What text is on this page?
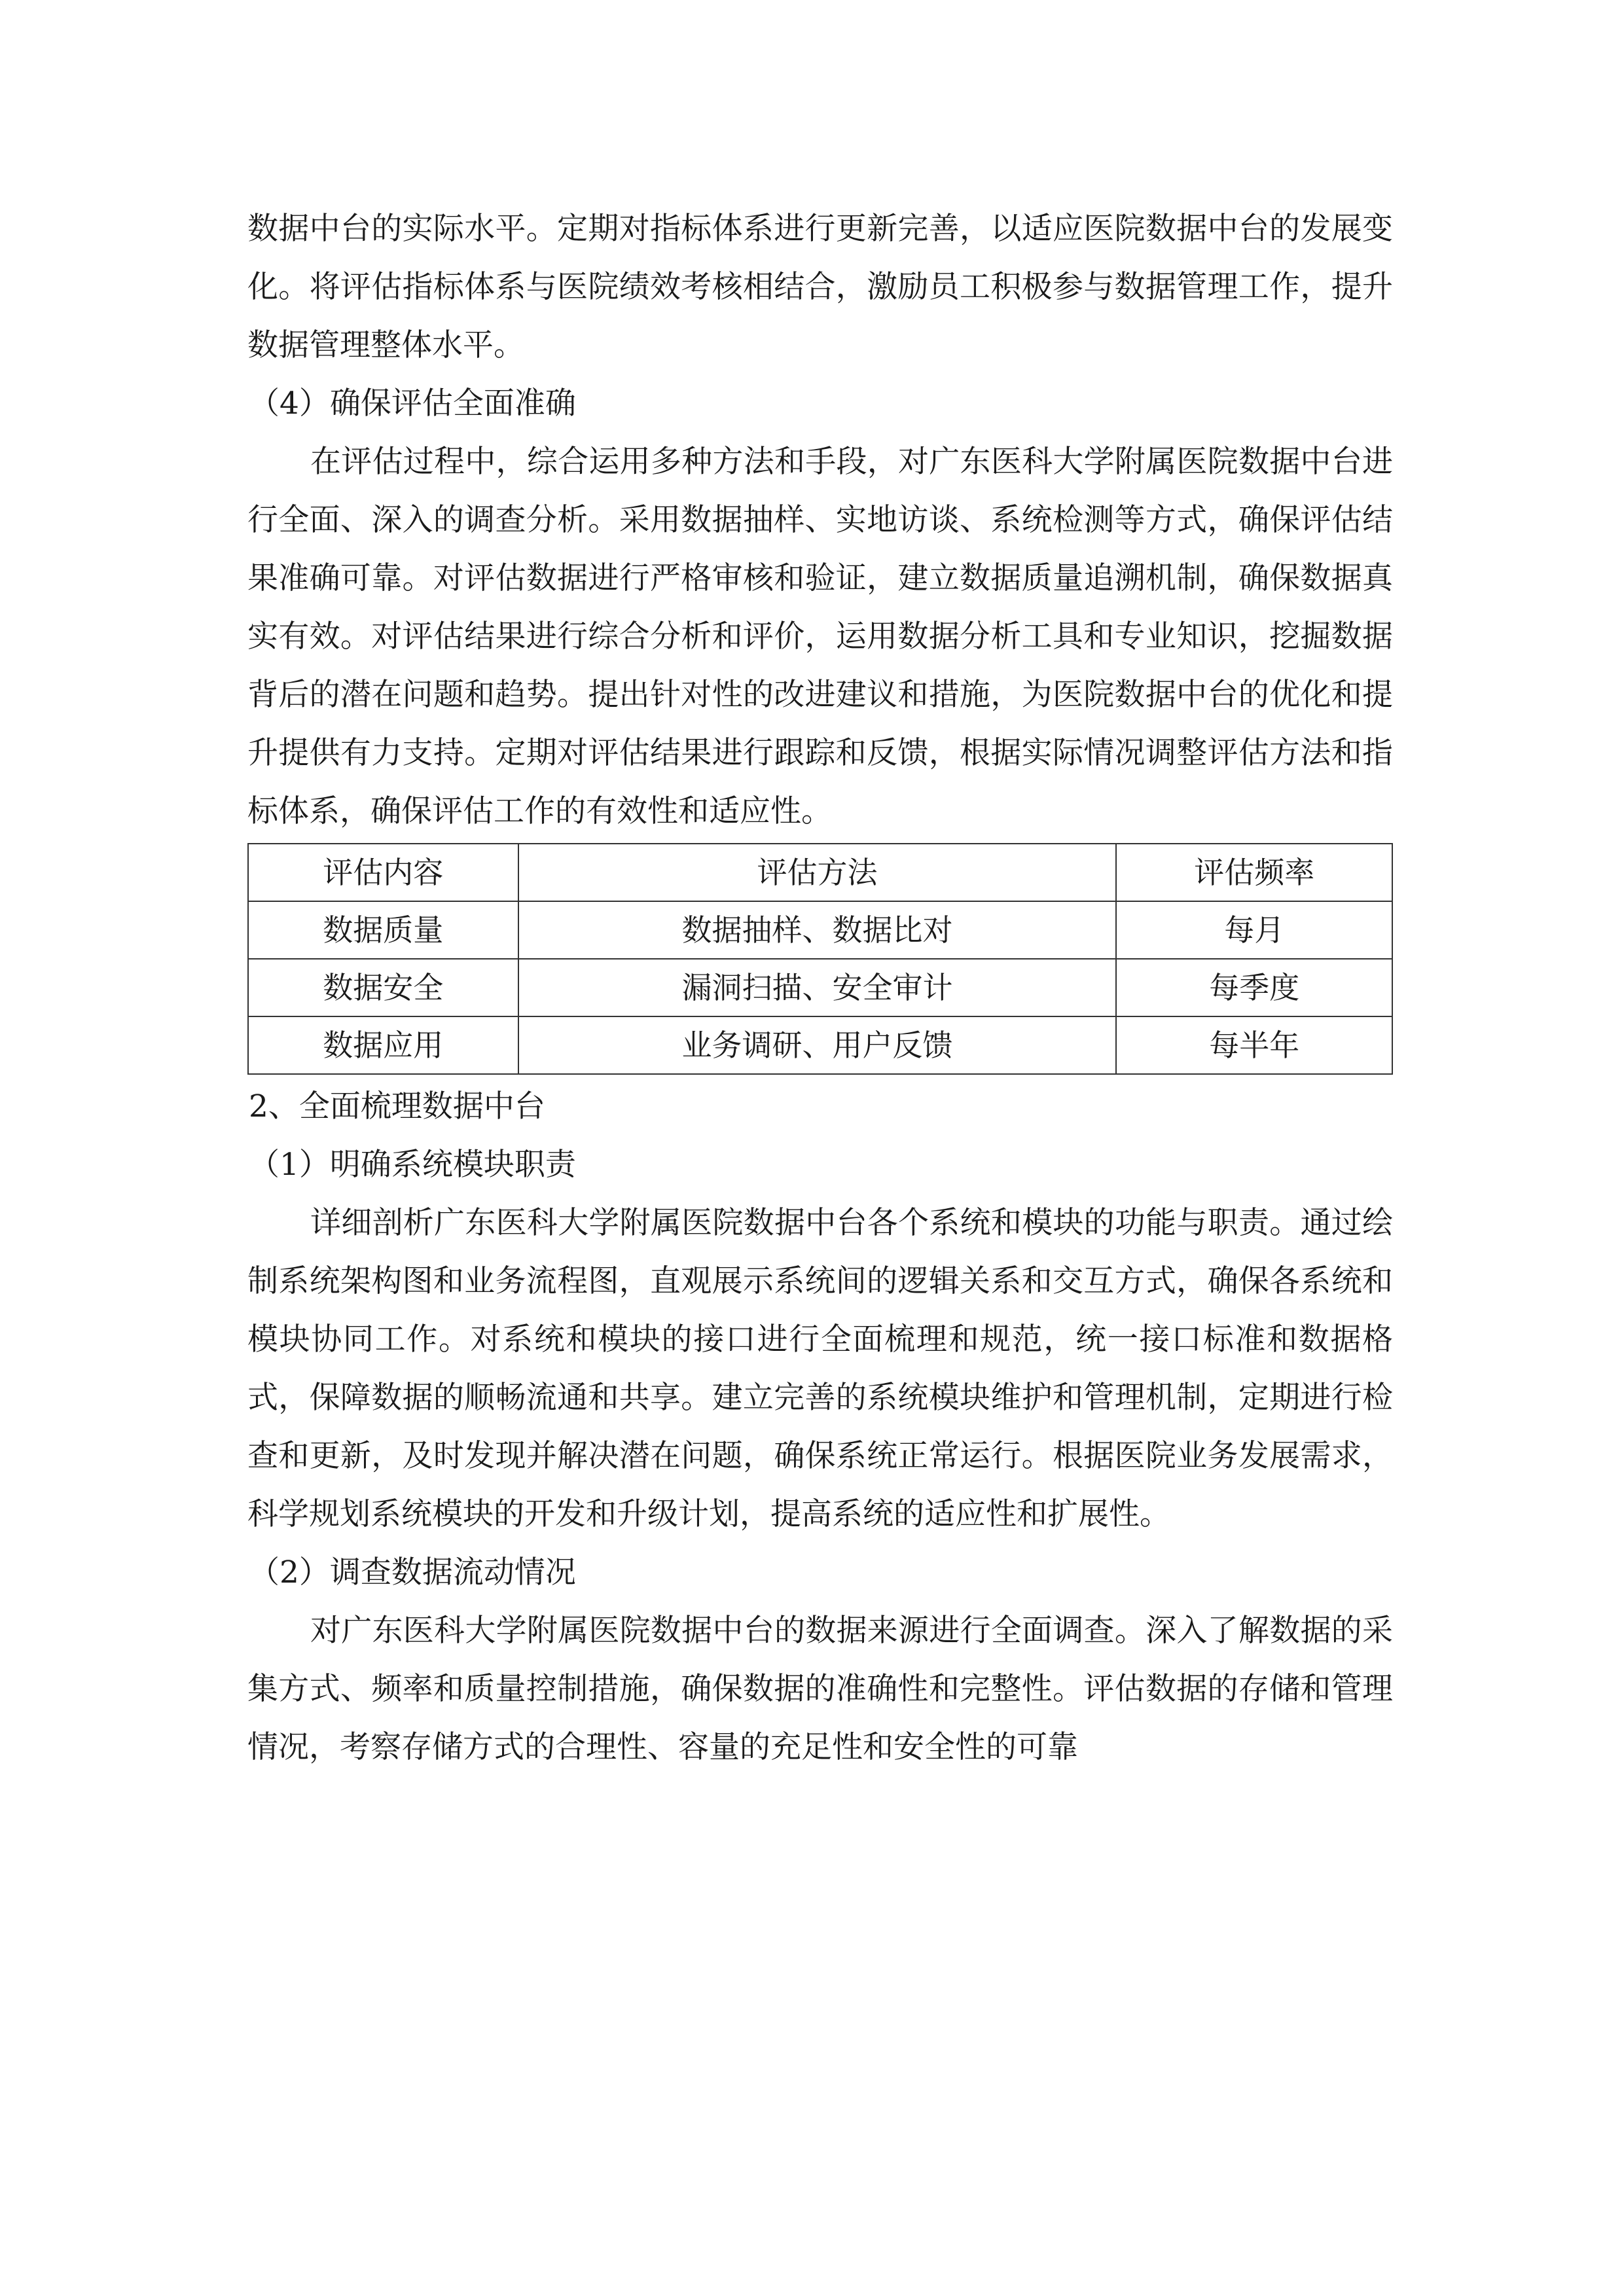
数据中台的实际水平。定期对指标体系进行更新完善，以适应医院数据中台的发展变化。将评估指标体系与医院绩效考核相结合，激励员工积极参与数据管理工作，提升数据管理整体水平。

（4）确保评估全面准确

在评估过程中，综合运用多种方法和手段，对广东医科大学附属医院数据中台进行全面、深入的调查分析。采用数据抽样、实地访谈、系统检测等方式，确保评估结果准确可靠。对评估数据进行严格审核和验证，建立数据质量追溯机制，确保数据真实有效。对评估结果进行综合分析和评价，运用数据分析工具和专业知识，挖掘数据背后的潜在问题和趋势。提出针对性的改进建议和措施，为医院数据中台的优化和提升提供有力支持。定期对评估结果进行跟踪和反馈，根据实际情况调整评估方法和指标体系，确保评估工作的有效性和适应性。

评估内容	评估方法	评估频率
数据质量	数据抽样、数据比对	每月
数据安全	漏洞扫描、安全审计	每季度
数据应用	业务调研、用户反馈	每半年

2、全面梳理数据中台

（1）明确系统模块职责

详细剖析广东医科大学附属医院数据中台各个系统和模块的功能与职责。通过绘制系统架构图和业务流程图，直观展示系统间的逻辑关系和交互方式，确保各系统和模块协同工作。对系统和模块的接口进行全面梳理和规范，统一接口标准和数据格式，保障数据的顺畅流通和共享。建立完善的系统模块维护和管理机制，定期进行检查和更新，及时发现并解决潜在问题，确保系统正常运行。根据医院业务发展需求，科学规划系统模块的开发和升级计划，提高系统的适应性和扩展性。

（2）调查数据流动情况

对广东医科大学附属医院数据中台的数据来源进行全面调查。深入了解数据的采集方式、频率和质量控制措施，确保数据的准确性和完整性。评估数据的存储和管理情况，考察存储方式的合理性、容量的充足性和安全性的可靠
